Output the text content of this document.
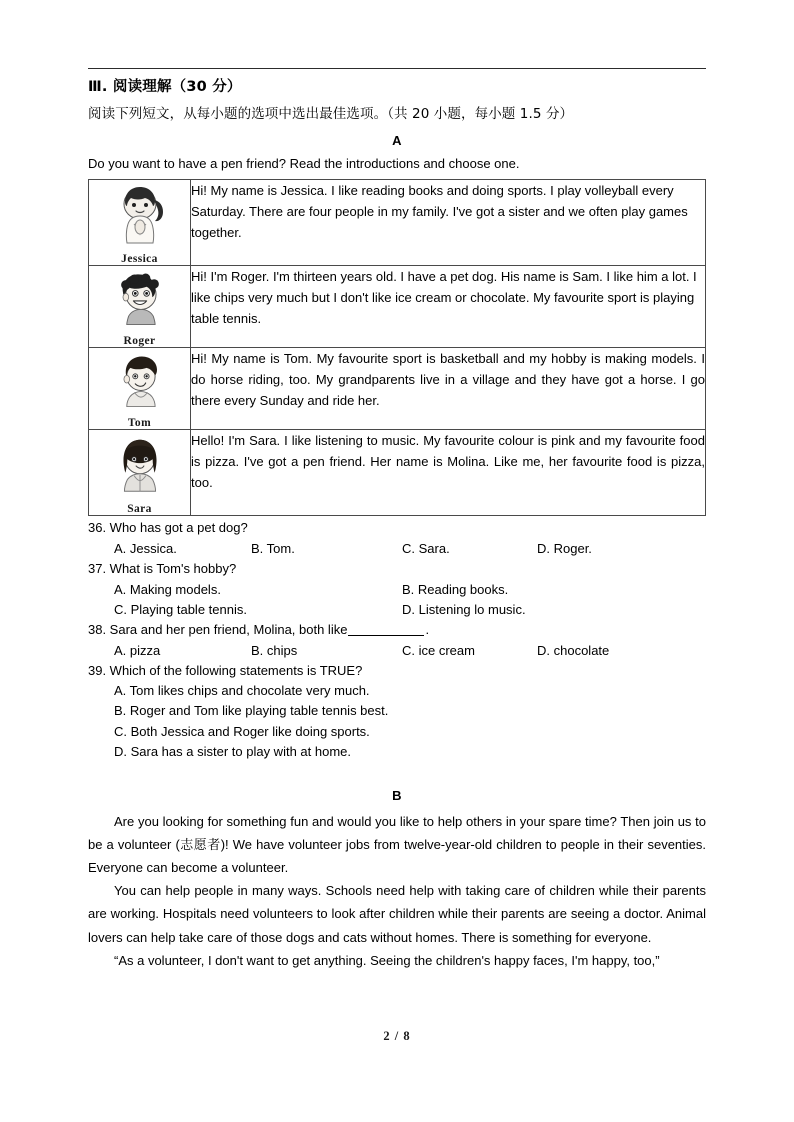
Ⅲ. 阅读理解（30 分）
阅读下列短文，从每小题的选项中选出最佳选项。（共 20 小题，每小题 1.5 分）
A
Do you want to have a pen friend? Read the introductions and choose one.
Jessica	Hi! My name is Jessica. I like reading books and doing sports. I play volleyball every Saturday. There are four people in my family. I've got a sister and we often play games together.

Roger	Hi! I'm Roger. I'm thirteen years old. I have a pet dog. His name is Sam. I like him a lot. I like chips very much but I don't like ice cream or chocolate. My favourite sport is playing table tennis.

Tom	Hi! My name is Tom. My favourite sport is basketball and my hobby is making models. I do horse riding, too. My grandparents live in a village and they have got a horse. I go there every Sunday and ride her.

Sara	Hello! I'm Sara. I like listening to music. My favourite colour is pink and my favourite food is pizza. I've got a pen friend. Her name is Molina. Like me, her favourite food is pizza, too.
36. Who has got a pet dog?
A. Jessica.	B. Tom.	C. Sara.	D. Roger.
37. What is Tom's hobby?
A. Making models.	B. Reading books.
C. Playing table tennis.	D. Listening lo music.
38. Sara and her pen friend, Molina, both like	.
A. pizza	B. chips	C. ice cream	D. chocolate
39. Which of the following statements is TRUE?
A. Tom likes chips and chocolate very much.
B. Roger and Tom like playing table tennis best.
C. Both Jessica and Roger like doing sports.
D. Sara has a sister to play with at home.
B
Are you looking for something fun and would you like to help others in your spare time? Then join us to be a volunteer (志愿者)! We have volunteer jobs from twelve-year-old children to people in their seventies. Everyone can become a volunteer.
You can help people in many ways. Schools need help with taking care of children while their parents are working. Hospitals need volunteers to look after children while their parents are seeing a doctor. Animal lovers can help take care of those dogs and cats without homes. There is something for everyone.
“As a volunteer, I don't want to get anything. Seeing the children's happy faces, I'm happy, too,”
2 / 8
